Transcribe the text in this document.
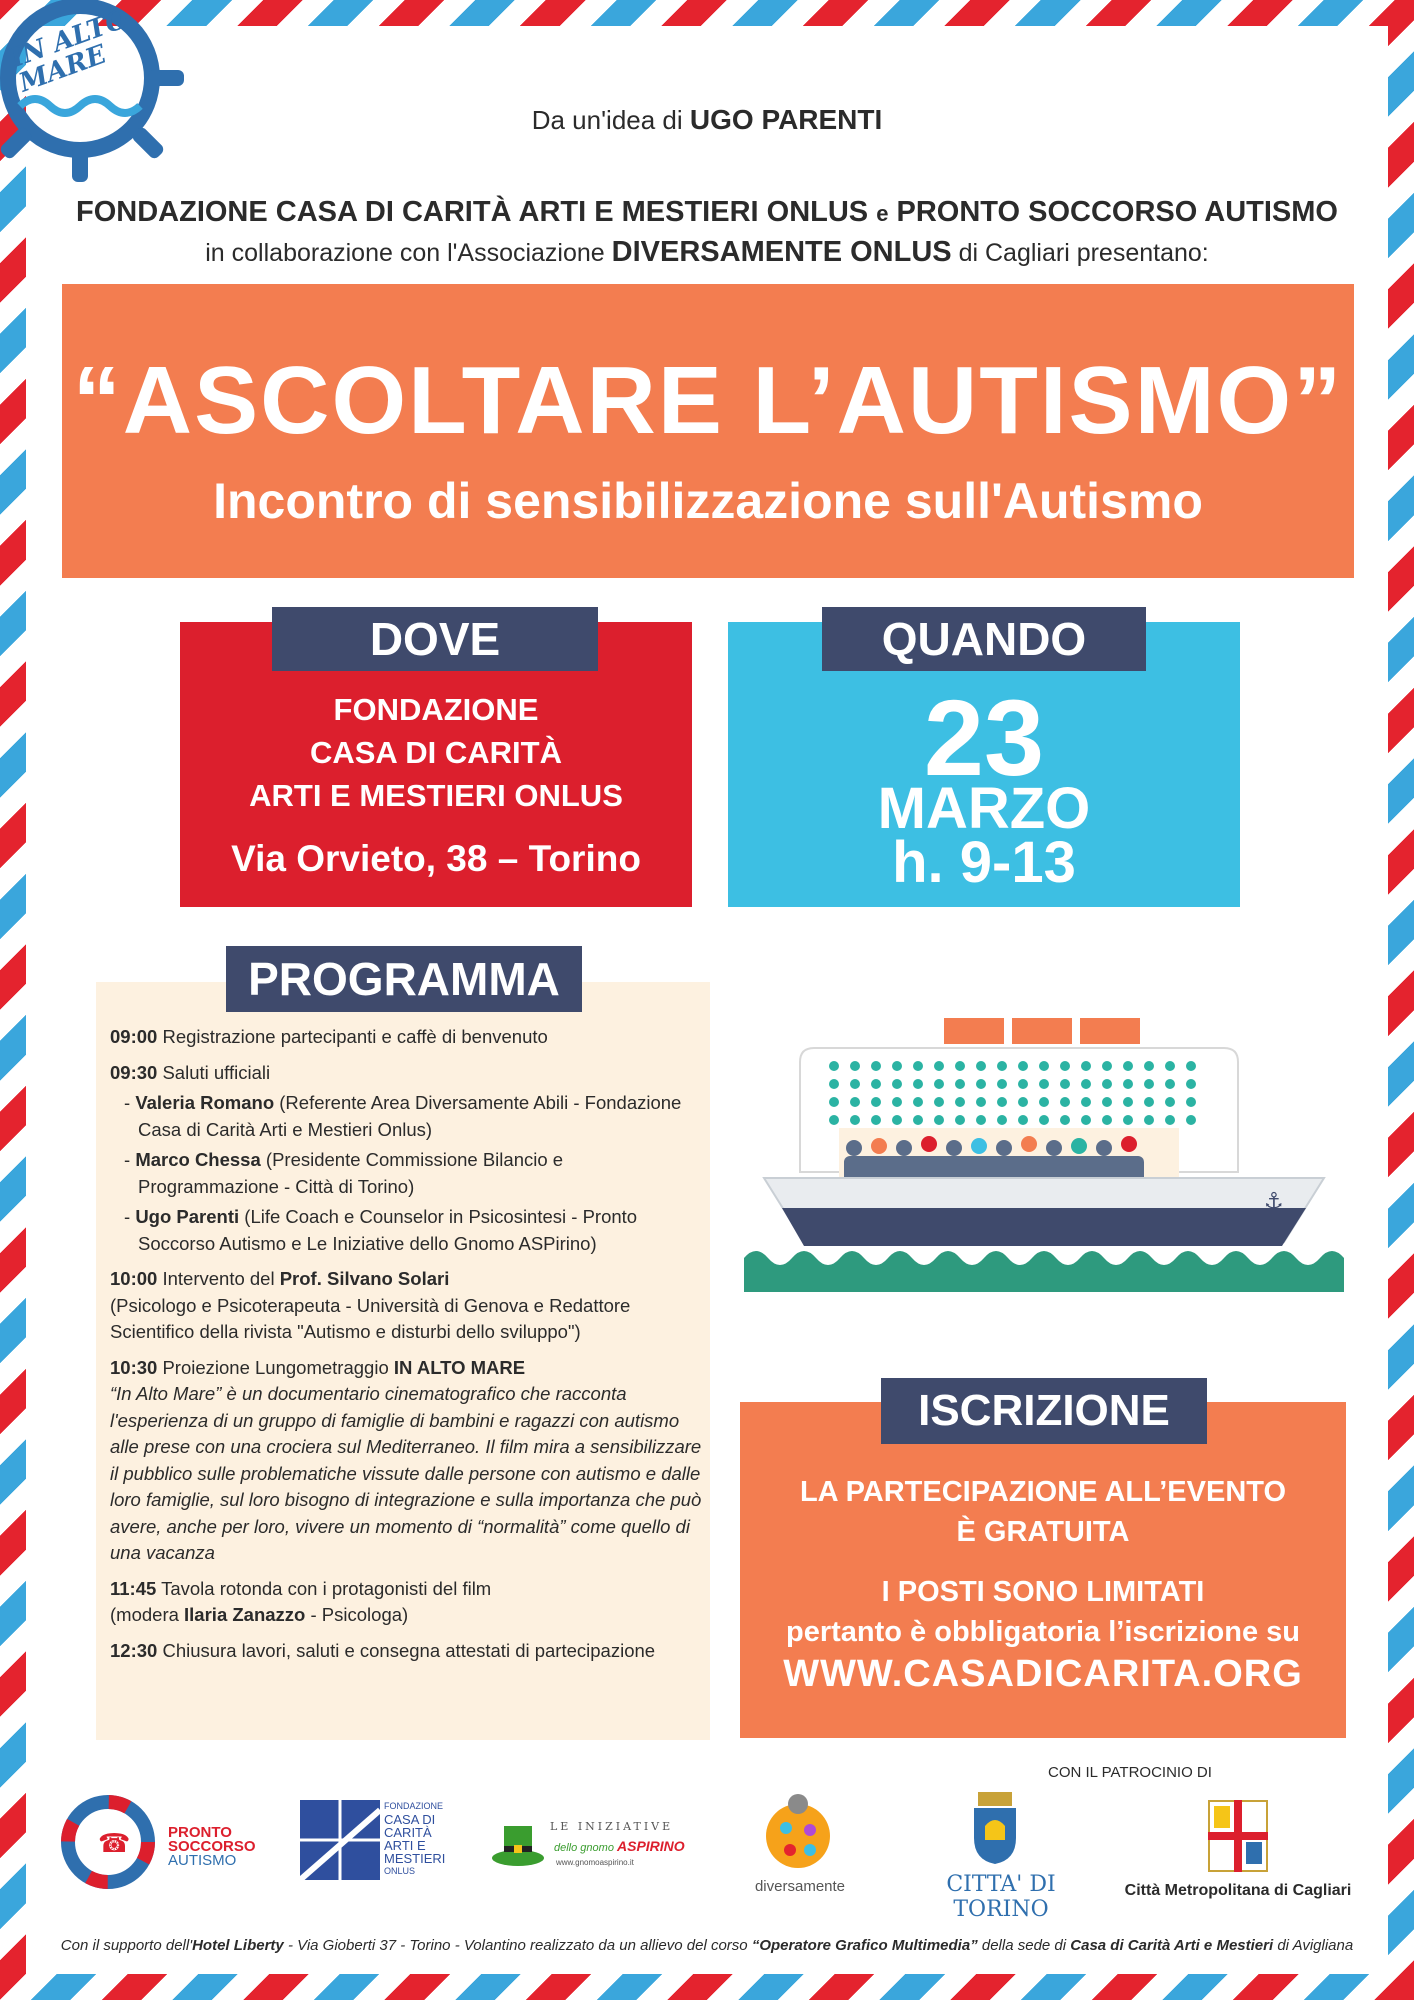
IN ALTO MARE
Da un'idea di UGO PARENTI
FONDAZIONE CASA DI CARITÀ ARTI E MESTIERI ONLUS e PRONTO SOCCORSO AUTISMO
in collaborazione con l'Associazione DIVERSAMENTE ONLUS di Cagliari presentano:
“ASCOLTARE L’AUTISMO”
Incontro di sensibilizzazione sull'Autismo
FONDAZIONE
CASA DI CARITÀ
ARTI E MESTIERI ONLUS
Via Orvieto, 38 – Torino
DOVE
23
MARZO
h. 9-13
QUANDO
PROGRAMMA

09:00 Registrazione partecipanti e caffè di benvenuto

09:30 Saluti ufficiali

- Valeria Romano (Referente Area Diversamente Abili - Fondazione Casa di Carità Arti e Mestieri Onlus)
- Marco Chessa (Presidente Commissione Bilancio e Programmazione - Città di Torino)
- Ugo Parenti (Life Coach e Counselor in Psicosintesi - Pronto Soccorso Autismo e Le Iniziative dello Gnomo ASPirino)

10:00 Intervento del Prof. Silvano Solari
(Psicologo e Psicoterapeuta - Università di Genova e Redattore Scientifico della rivista "Autismo e disturbi dello sviluppo")

10:30 Proiezione Lungometraggio IN ALTO MARE
“In Alto Mare” è un documentario cinematografico che racconta l'esperienza di un gruppo di famiglie di bambini e ragazzi con autismo alle prese con una crociera sul Mediterraneo. Il film mira a sensibilizzare il pubblico sulle problematiche vissute dalle persone con autismo e dalle loro famiglie, sul loro bisogno di integrazione e sulla importanza che può avere, anche per loro, vivere un momento di “normalità” come quello di una vacanza

11:45 Tavola rotonda con i protagonisti del film
(modera Ilaria Zanazzo - Psicologa)

12:30 Chiusura lavori, saluti e consegna attestati di partecipazione

⚓
LA PARTECIPAZIONE ALL’EVENTO
È GRATUITA
I POSTI SONO LIMITATI
pertanto è obbligatoria l’iscrizione su
WWW.CASADICARITA.ORG
ISCRIZIONE
CON IL PATROCINIO DI
☎	PRONTO
SOCCORSO
AUTISMO
FONDAZIONE
CASA DI
CARITÀ
ARTI E
MESTIERI
ONLUS
LE INIZIATIVE
dello gnomo ASPIRINO
www.gnomoaspirino.it
diversamente	CITTA' DI TORINO
Città Metropolitana di Cagliari
Con il supporto dell'Hotel Liberty - Via Gioberti 37 - Torino - Volantino realizzato da un allievo del corso “Operatore Grafico Multimedia” della sede di Casa di Carità Arti e Mestieri di Avigliana
